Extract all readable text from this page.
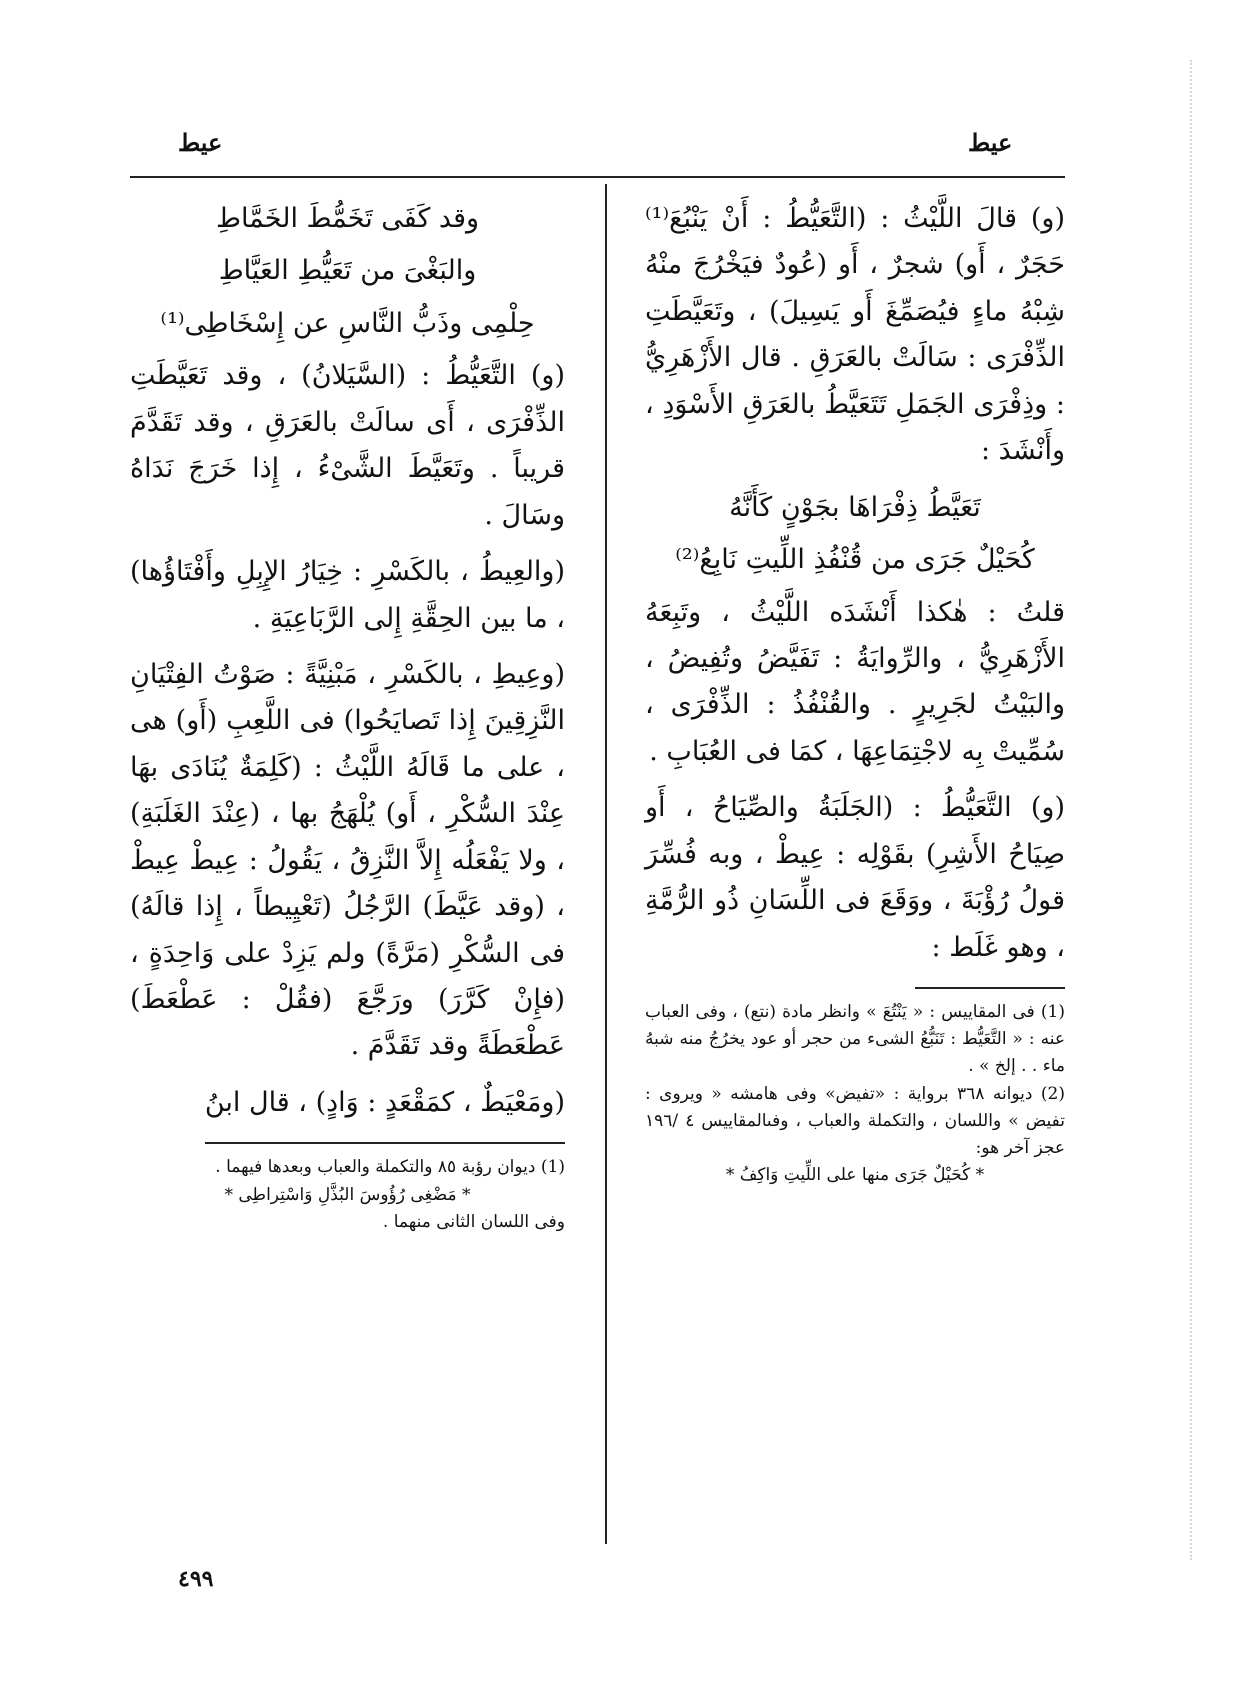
عيط
عيط

(و) قالَ اللَّيْثُ : (التَّعَيُّطُ : أَنْ يَنْبُعَ⁽¹⁾ حَجَرٌ ، أَو) شجرٌ ، أَو (عُودٌ فيَخْرُجَ منْهُ شِبْهُ ماءٍ فيُصَمِّغَ أَو يَسِيلَ) ، وتَعَيَّطَتِ الذِّفْرَى : سَالَتْ بالعَرَقِ . قال الأَزْهَرِيُّ : وذِفْرَى الجَمَلِ تَتَعَيَّطُ بالعَرَقِ الأَسْوَدِ ، وأَنْشَدَ :

تَعَيَّطُ ذِفْرَاهَا بجَوْنٍ كَأَنَّهُ
كُحَيْلٌ جَرَى من قُنْفُذِ اللِّيتِ نَابِعُ⁽²⁾

قلتُ : هٰكذا أَنْشَدَه اللَّيْثُ ، وتَبِعَهُ الأَزْهَرِيُّ ، والرِّوايَةُ : تَفَيَّضُ وتُفِيضُ ، والبَيْتُ لجَرِيرٍ . والقُنْفُذُ : الذِّفْرَى ، سُمِّيتْ بِه لاجْتِمَاعِهَا ، كمَا فى العُبَابِ .

(و) التَّعَيُّطُ : (الجَلَبَةُ والصِّيَاحُ ، أَو صِيَاحُ الأَشِرِ) بقَوْلِه : عِيطْ ، وبه فُسِّرَ قولُ رُؤْبَةَ ، ووَقَعَ فى اللِّسَانِ ذُو الرُّمَّةِ ، وهو غَلَط :

(1) فى المقاييس : « يَنْتُعَ » وانظر مادة (نتع) ، وفى العباب عنه : « التَّعَيُّط : تَنَبُّعُ الشىء من حجر أو عود يخرُجُ منه شبهُ ماء . . إلخ » .

(2) ديوانه ٣٦٨ برواية : «تفيض» وفى هامشه « ويروى : تفيض » واللسان ، والتكملة والعباب ، وفىالمقاييس ٤ /١٩٦ عجز آخر هو:

* كُحَيْلٌ جَرَى منها على اللِّيتِ وَاكِفُ *
وقد كَفَى تَخَمُّطَ الخَمَّاطِ
والبَغْىَ من تَعَيُّطِ العَيَّاطِ
حِلْمِى وذَبُّ النَّاسِ عن إِسْخَاطِى⁽¹⁾

(و) التَّعَيُّطُ : (السَّيَلانُ) ، وقد تَعَيَّطَتِ الذِّفْرَى ، أَى سالَتْ بالعَرَقِ ، وقد تَقَدَّمَ قريباً . وتَعَيَّطَ الشَّىْءُ ، إِذا خَرَجَ نَدَاهُ وسَالَ .

(والعِيطُ ، بالكَسْرِ : خِيَارُ الإِبِلِ وأَفْتَاؤُها) ، ما بين الحِقَّةِ إِلى الرَّبَاعِيَةِ .

(وعِيطِ ، بالكَسْرِ ، مَبْنِيَّةً : صَوْتُ الفِتْيَانِ النَّزِقِينَ إِذا تَصايَحُوا) فى اللَّعِبِ (أَو) هى ، على ما قَالَهُ اللَّيْثُ : (كَلِمَةٌ يُنَادَى بهَا عِنْدَ السُّكْرِ ، أَو) يُلْهَجُ بها ، (عِنْدَ الغَلَبَةِ) ، ولا يَفْعَلُه إِلاَّ النَّزِقُ ، يَقُولُ : عِيطْ عِيطْ ، (وقد عَيَّطَ) الرَّجُلُ (تَعْيِيطاً ، إِذا قالَهُ) فى السُّكْرِ (مَرَّةً) ولم يَزِدْ على وَاحِدَةٍ ، (فإِنْ كَرَّرَ) ورَجَّعَ (فقُلْ : عَطْعَطَ) عَطْعَطَةً وقد تَقَدَّمَ .

(ومَعْيَطٌ ، كمَقْعَدٍ : وَادٍ) ، قال ابنُ

(1) ديوان رؤبة ٨٥ والتكملة والعباب وبعدها فيهما .

* مَضْغِى رُؤُوسَ البُذَّلِ وَاسْتِراطِى *

وفى اللسان الثانى منهما .

٤٩٩
